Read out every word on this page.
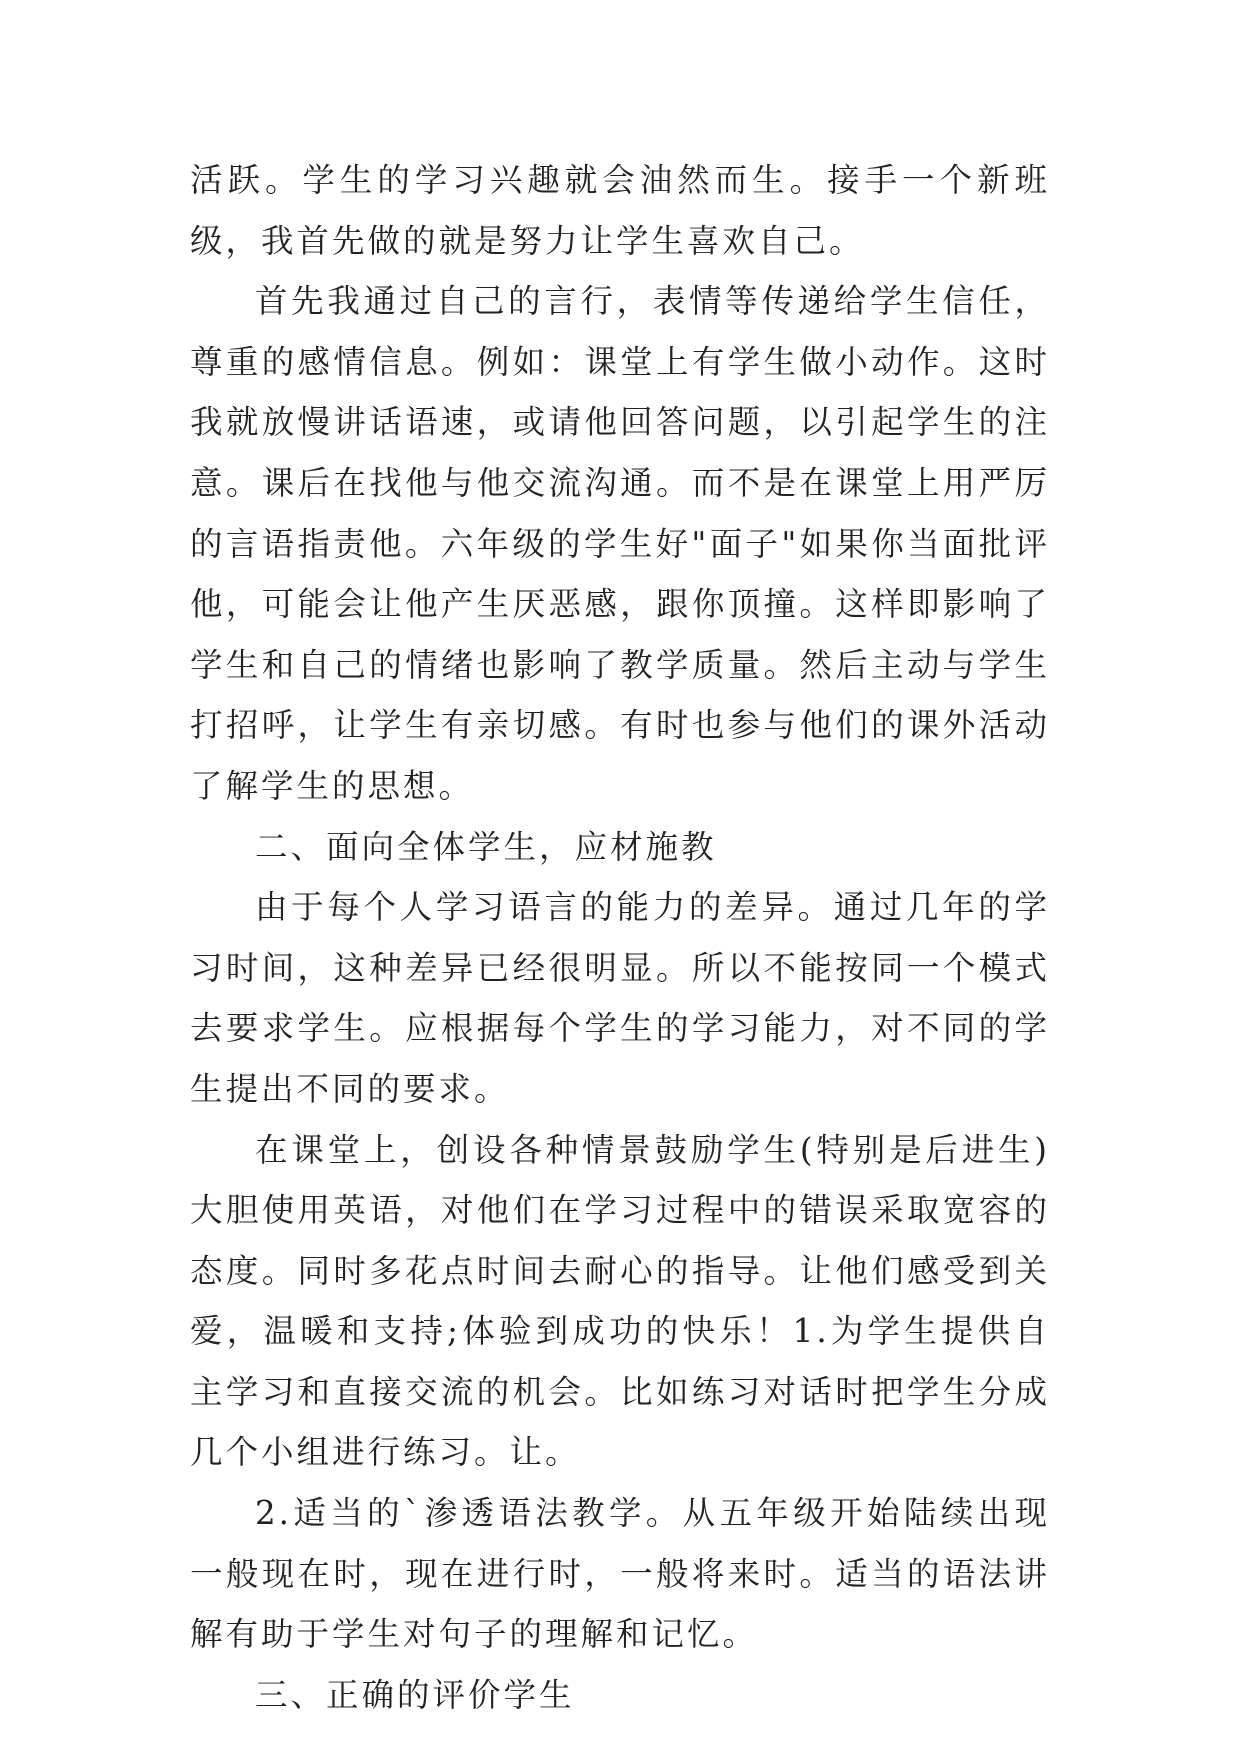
活跃。学生的学习兴趣就会油然而生。接手一个新班级，我首先做的就是努力让学生喜欢自己。

首先我通过自己的言行，表情等传递给学生信任，尊重的感情信息。例如：课堂上有学生做小动作。这时我就放慢讲话语速，或请他回答问题，以引起学生的注意。课后在找他与他交流沟通。而不是在课堂上用严厉的言语指责他。六年级的学生好"面子"如果你当面批评他，可能会让他产生厌恶感，跟你顶撞。这样即影响了学生和自己的情绪也影响了教学质量。然后主动与学生打招呼，让学生有亲切感。有时也参与他们的课外活动了解学生的思想。

二、面向全体学生，应材施教

由于每个人学习语言的能力的差异。通过几年的学习时间，这种差异已经很明显。所以不能按同一个模式去要求学生。应根据每个学生的学习能力，对不同的学生提出不同的要求。

在课堂上，创设各种情景鼓励学生(特别是后进生)大胆使用英语，对他们在学习过程中的错误采取宽容的态度。同时多花点时间去耐心的指导。让他们感受到关爱，温暖和支持;体验到成功的快乐！1.为学生提供自主学习和直接交流的机会。比如练习对话时把学生分成几个小组进行练习。让。

2.适当的`渗透语法教学。从五年级开始陆续出现一般现在时，现在进行时，一般将来时。适当的语法讲解有助于学生对句子的理解和记忆。

三、正确的评价学生
